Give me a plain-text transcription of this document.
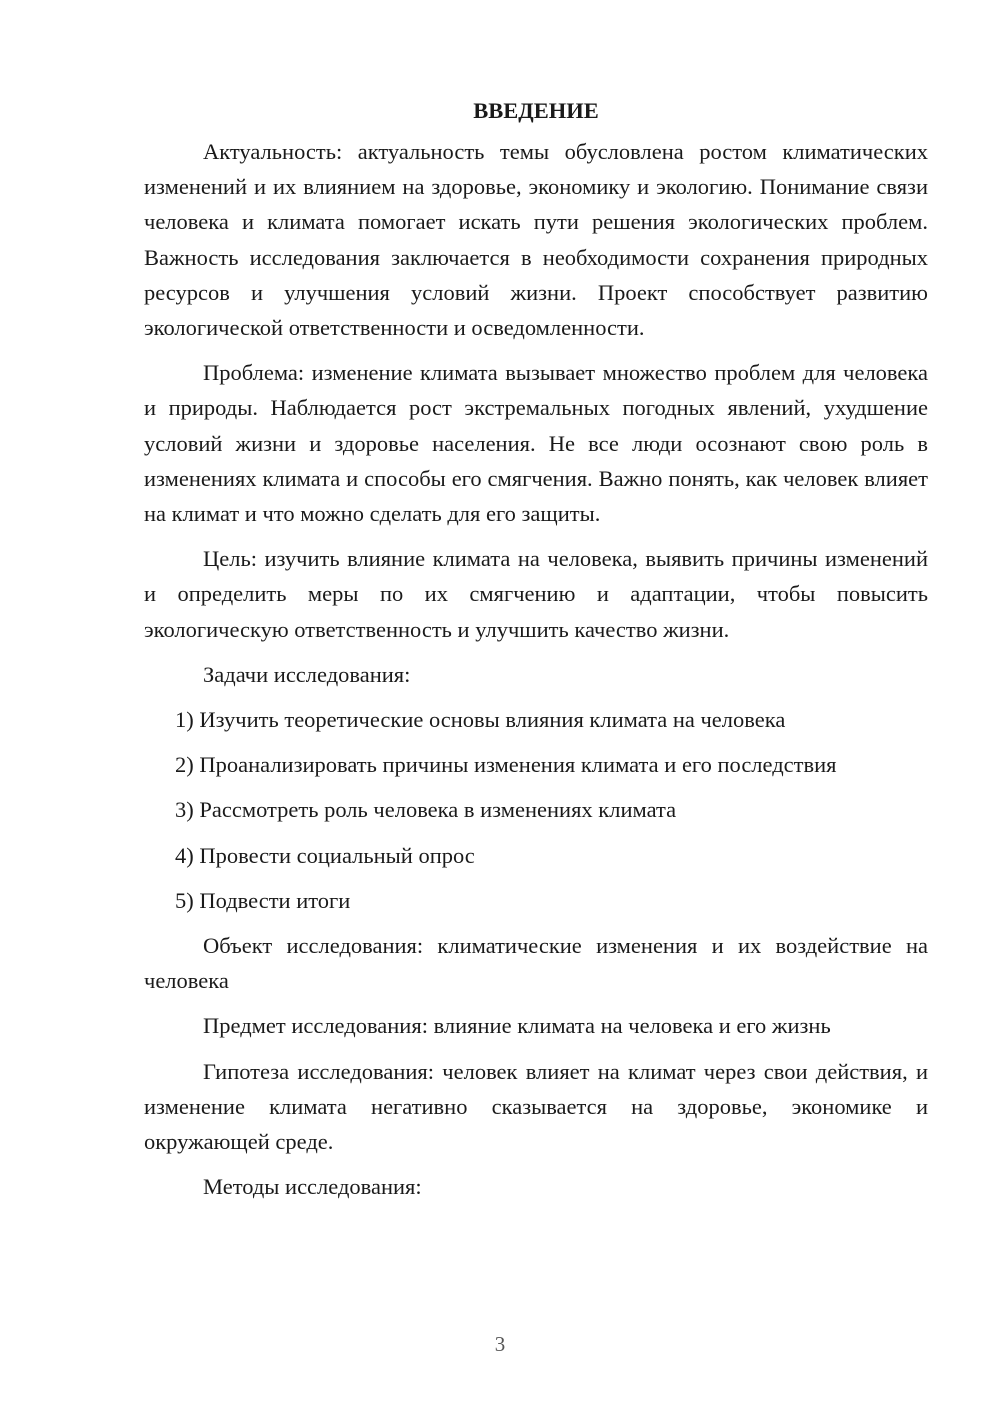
ВВЕДЕНИЕ

Актуальность: актуальность темы обусловлена ростом климатических изменений и их влиянием на здоровье, экономику и экологию. Понимание связи человека и климата помогает искать пути решения экологических проблем. Важность исследования заключается в необходимости сохранения природных ресурсов и улучшения условий жизни. Проект способствует развитию экологической ответственности и осведомленности.

Проблема: изменение климата вызывает множество проблем для человека и природы. Наблюдается рост экстремальных погодных явлений, ухудшение условий жизни и здоровье населения. Не все люди осознают свою роль в изменениях климата и способы его смягчения. Важно понять, как человек влияет на климат и что можно сделать для его защиты.

Цель: изучить влияние климата на человека, выявить причины изменений и определить меры по их смягчению и адаптации, чтобы повысить экологическую ответственность и улучшить качество жизни.

Задачи исследования:

1) Изучить теоретические основы влияния климата на человека
2) Проанализировать причины изменения климата и его последствия
3) Рассмотреть роль человека в изменениях климата
4) Провести социальный опрос
5) Подвести итоги

Объект исследования: климатические изменения и их воздействие на человека

Предмет исследования: влияние климата на человека и его жизнь

Гипотеза исследования: человек влияет на климат через свои действия, и изменение климата негативно сказывается на здоровье, экономике и окружающей среде.

Методы исследования:

3
